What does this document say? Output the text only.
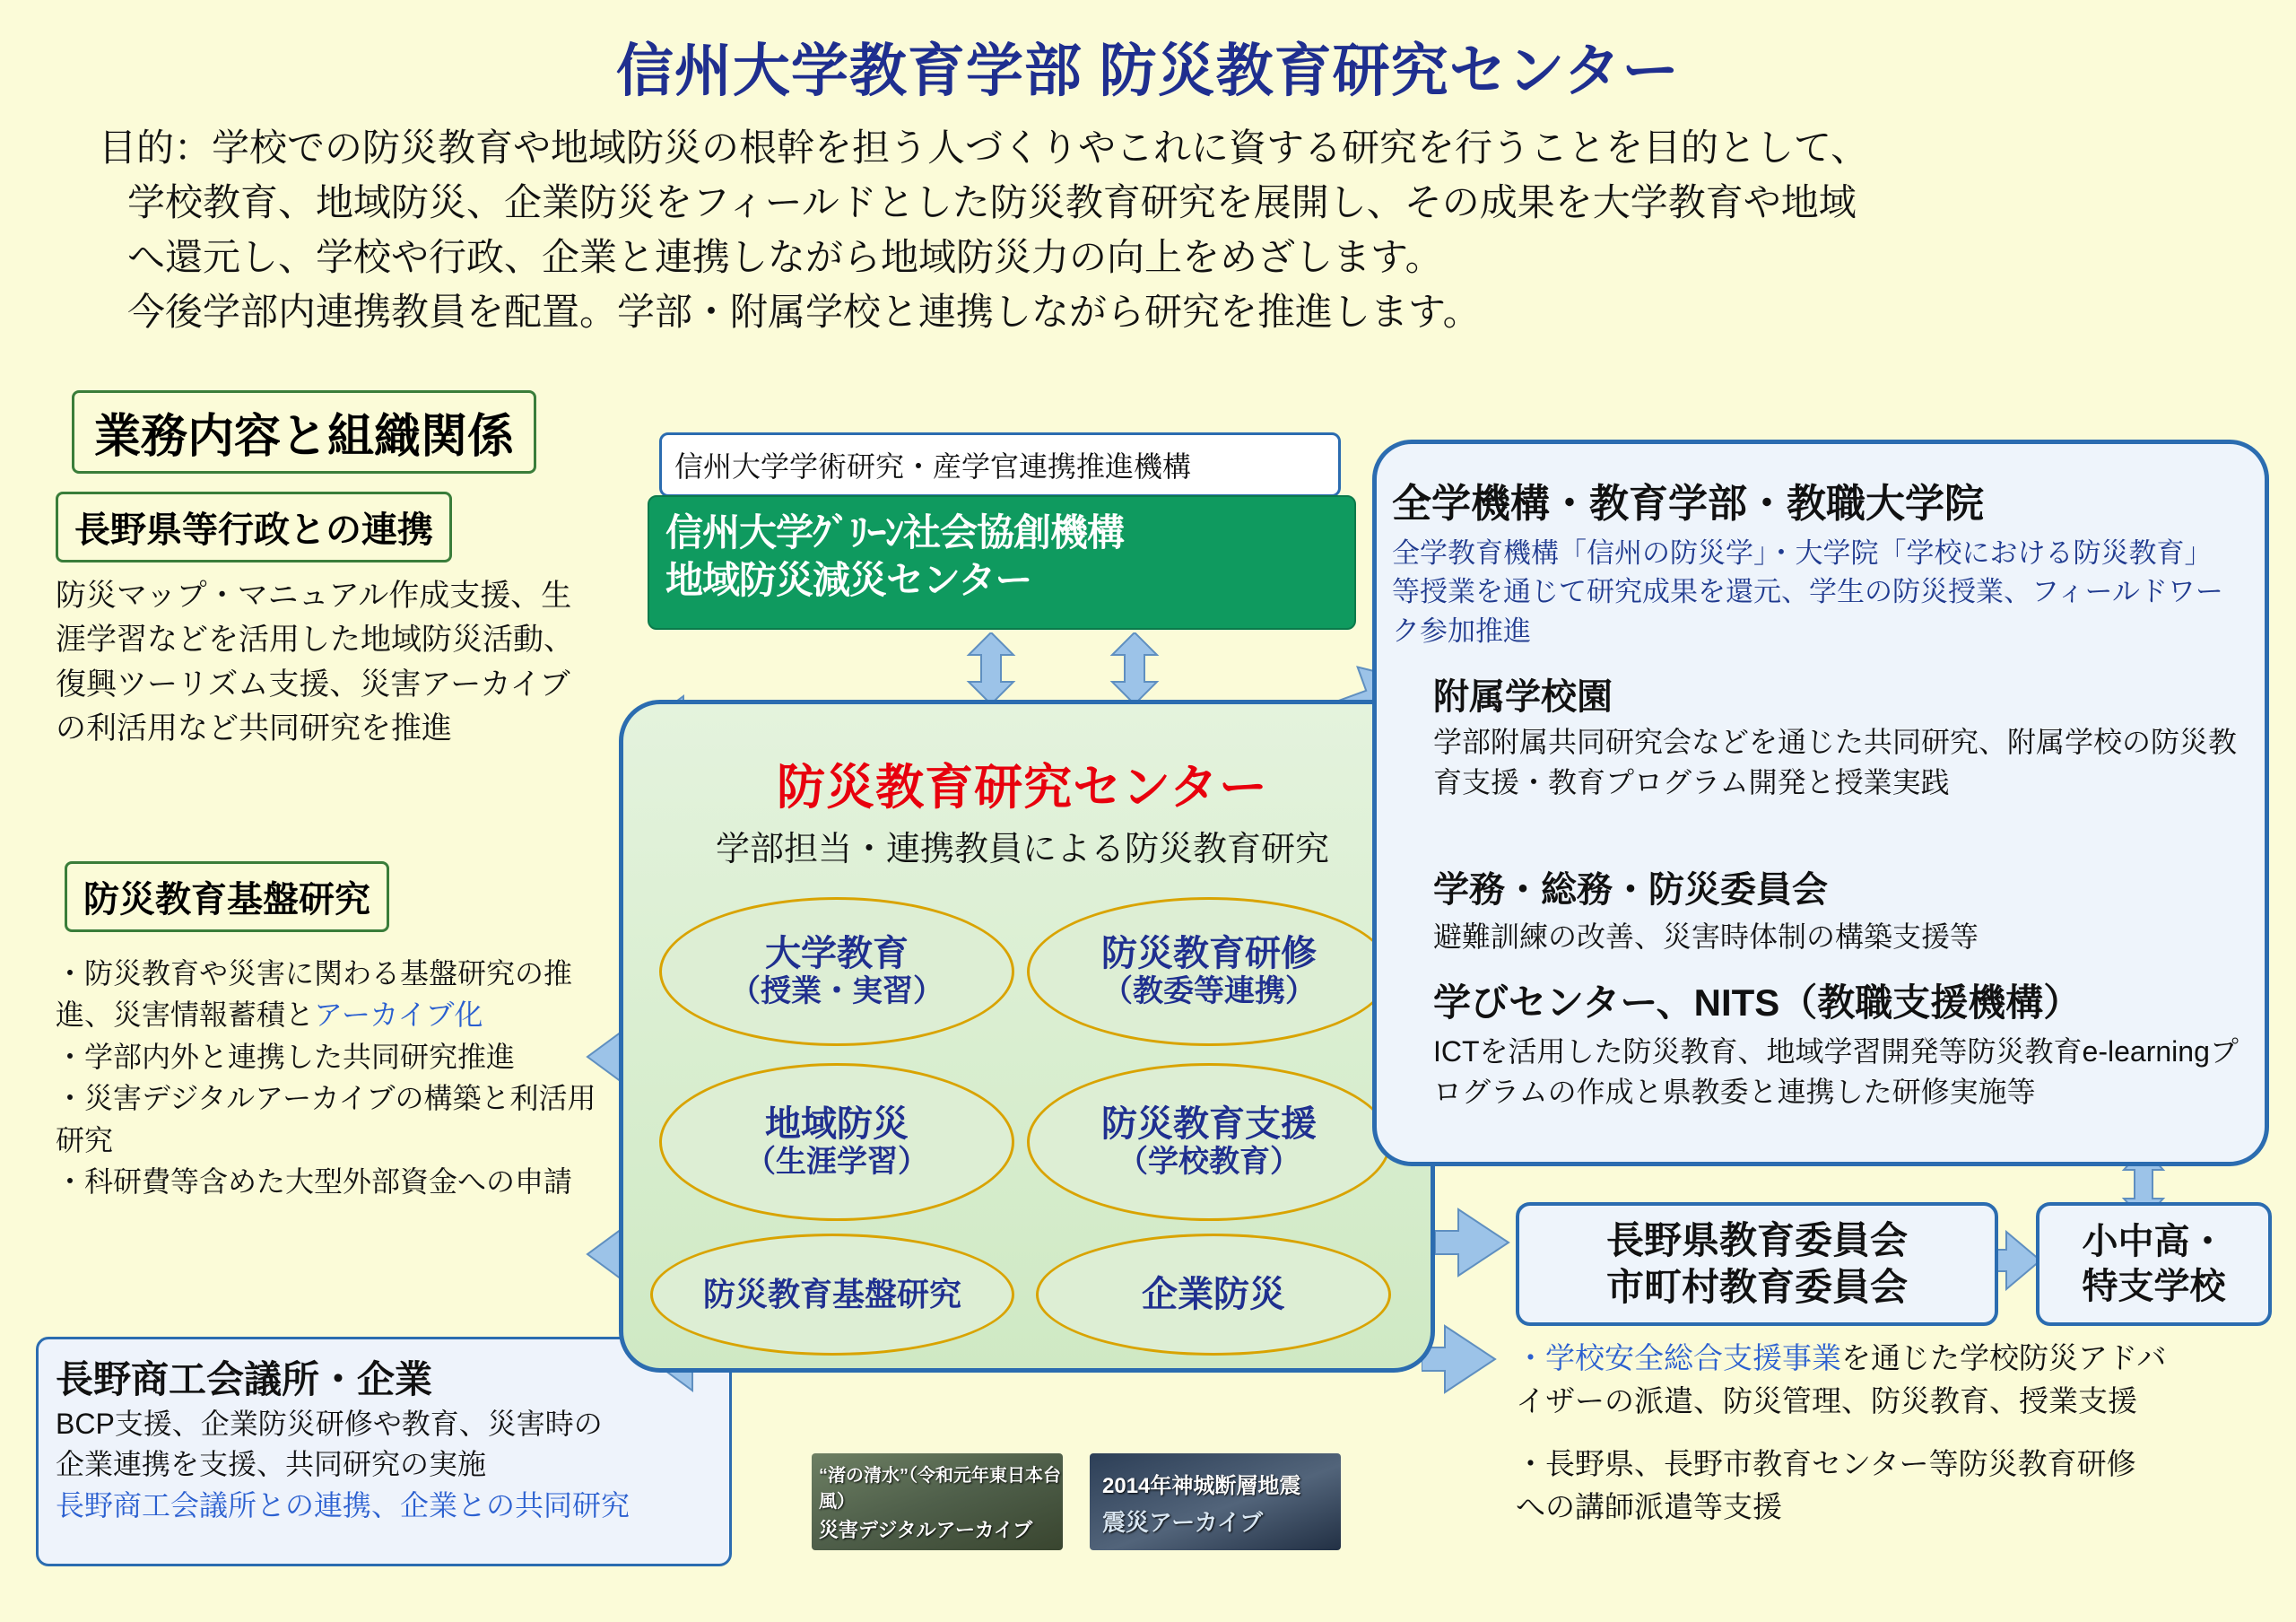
信州大学教育学部 防災教育研究センター
目的：学校での防災教育や地域防災の根幹を担う人づくりやこれに資する研究を行うことを目的として、
学校教育、地域防災、企業防災をフィールドとした防災教育研究を展開し、その成果を大学教育や地域
へ還元し、学校や行政、企業と連携しながら地域防災力の向上をめざします。
今後学部内連携教員を配置。学部・附属学校と連携しながら研究を推進します。
業務内容と組織関係
長野県等行政との連携
防災マップ・マニュアル作成支援、生涯学習などを活用した地域防災活動、復興ツーリズム支援、災害アーカイブの利活用など共同研究を推進
防災教育基盤研究
・防災教育や災害に関わる基盤研究の推進、災害情報蓄積とアーカイブ化
・学部内外と連携した共同研究推進
・災害デジタルアーカイブの構築と利活用研究
・科研費等含めた大型外部資金への申請
長野商工会議所・企業
BCP支援、企業防災研修や教育、災害時の
企業連携を支援、共同研究の実施
長野商工会議所との連携、企業との共同研究
信州大学学術研究・産学官連携推進機構
信州大学ｸﾞﾘｰﾝ社会協創機構
地域防災減災センター
防災教育研究センター
学部担当・連携教員による防災教育研究
大学教育
（授業・実習）
防災教育研修
（教委等連携）
地域防災
（生涯学習）
防災教育支援
（学校教育）
防災教育基盤研究	企業防災
全学機構・教育学部・教職大学院
全学教育機構「信州の防災学」・大学院「学校における防災教育」等授業を通じて研究成果を還元、学生の防災授業、フィールドワーク参加推進
附属学校園
学部附属共同研究会などを通じた共同研究、附属学校の防災教育支援・教育プログラム開発と授業実践
学務・総務・防災委員会
避難訓練の改善、災害時体制の構築支援等
学びセンター、NITS（教職支援機構）
ICTを活用した防災教育、地域学習開発等防災教育e-learningプログラムの作成と県教委と連携した研修実施等
長野県教育委員会
市町村教育委員会
小中高・
特支学校
・学校安全総合支援事業を通じた学校防災アドバ
イザーの派遣、防災管理、防災教育、授業支援
・長野県、長野市教育センター等防災教育研修
への講師派遣等支援
“渚の清水”（令和元年東日本台風）
災害デジタルアーカイブ
2014年神城断層地震
震災アーカイブ
